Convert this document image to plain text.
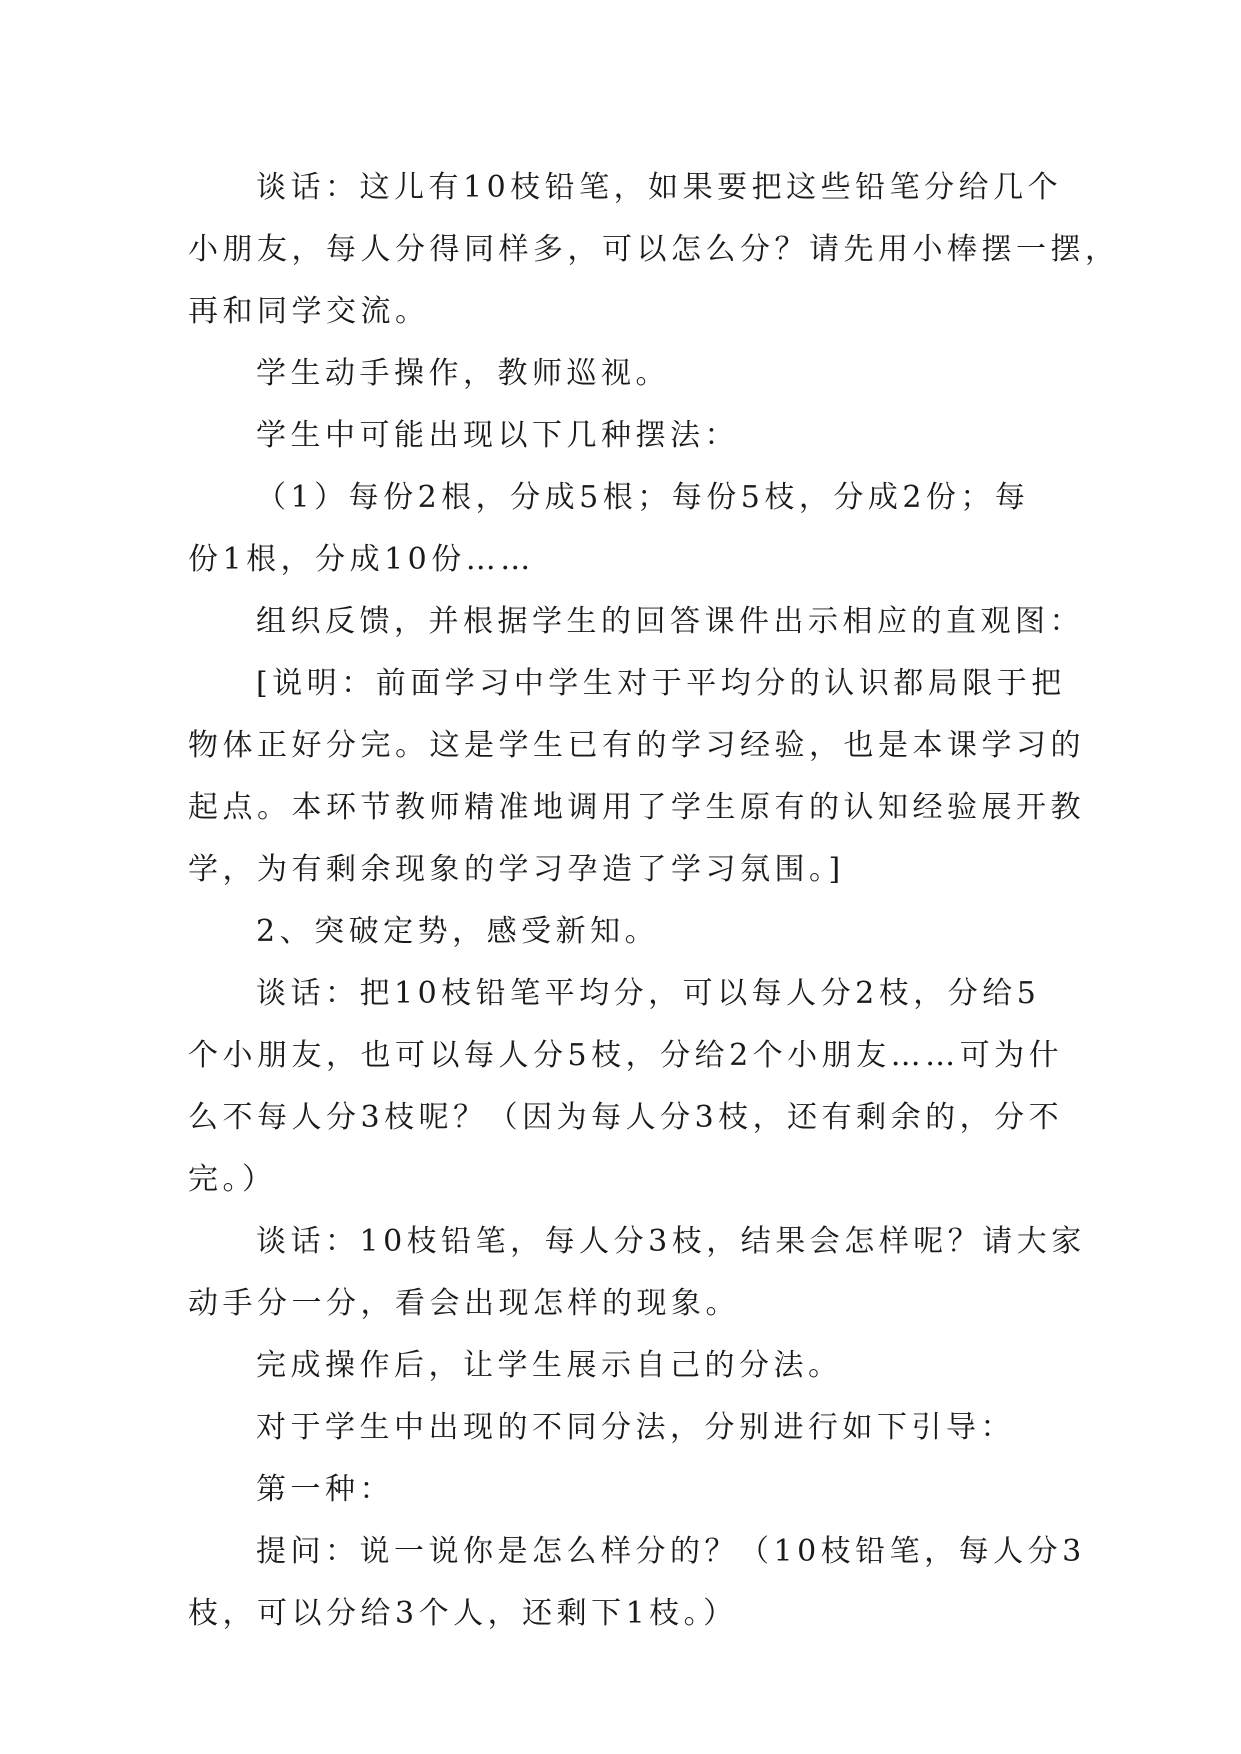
谈话：这儿有10枝铅笔，如果要把这些铅笔分给几个
小朋友，每人分得同样多，可以怎么分？请先用小棒摆一摆，
再和同学交流。
学生动手操作，教师巡视。
学生中可能出现以下几种摆法：
（1）每份2根，分成5根；每份5枝，分成2份；每
份1根，分成10份……
组织反馈，并根据学生的回答课件出示相应的直观图：
[说明：前面学习中学生对于平均分的认识都局限于把
物体正好分完。这是学生已有的学习经验，也是本课学习的
起点。本环节教师精准地调用了学生原有的认知经验展开教
学，为有剩余现象的学习孕造了学习氛围。]
2、突破定势，感受新知。
谈话：把10枝铅笔平均分，可以每人分2枝，分给5
个小朋友，也可以每人分5枝，分给2个小朋友……可为什
么不每人分3枝呢？（因为每人分3枝，还有剩余的，分不
完。）
谈话：10枝铅笔，每人分3枝，结果会怎样呢？请大家
动手分一分，看会出现怎样的现象。
完成操作后，让学生展示自己的分法。
对于学生中出现的不同分法，分别进行如下引导：
第一种：
提问：说一说你是怎么样分的？（10枝铅笔，每人分3
枝，可以分给3个人，还剩下1枝。）
